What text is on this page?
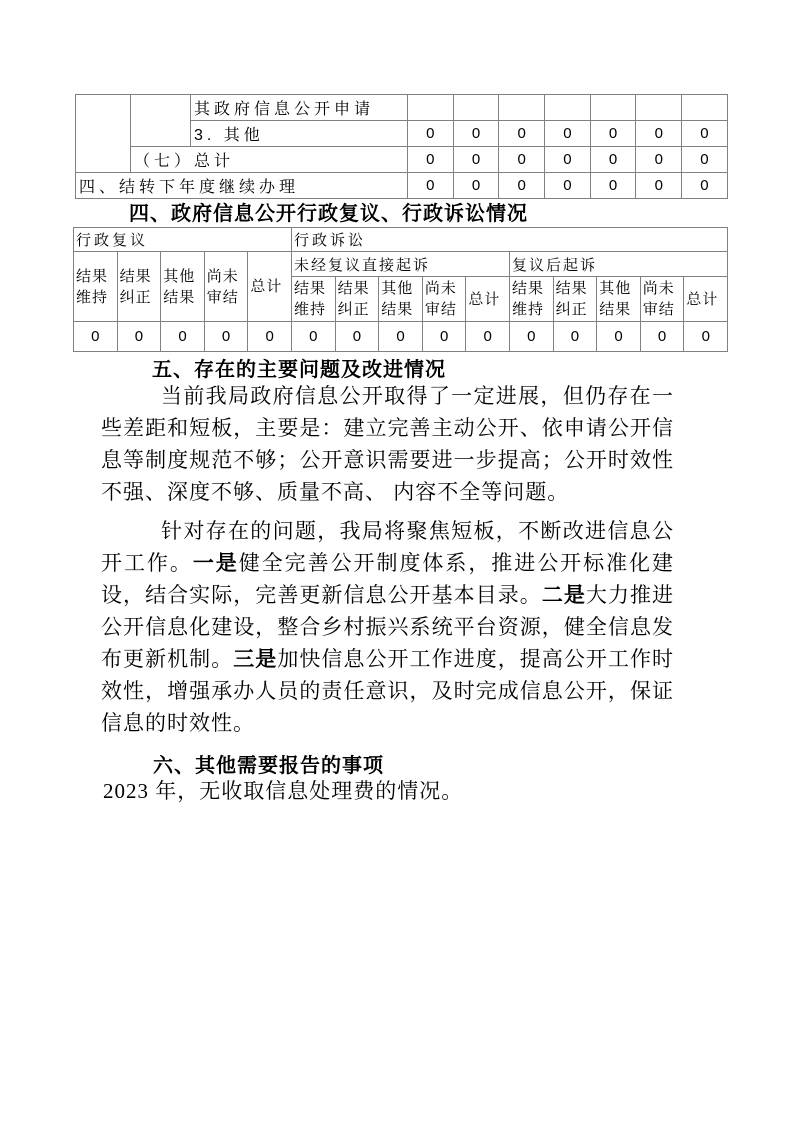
		其政府信息公开申请							
		3. 其他	0	0	0	0	0	0	0
	（七）总计		0	0	0	0	0	0	0
四、结转下年度继续办理			0	0	0	0	0	0	0
四、政府信息公开行政复议、行政诉讼情况
行政复议					行政诉讼									
结果维持	结果纠正	其他结果	尚未审结	总计	未经复议直接起诉					复议后起诉				
					结果维持	结果纠正	其他结果	尚未审结	总计	结果维持	结果纠正	其他结果	尚未审结	总计
0	0	0	0	0	0	0	0	0	0	0	0	0	0	0
五、存在的主要问题及改进情况

当前我局政府信息公开取得了一定进展，但仍存在一些差距和短板，主要是：建立完善主动公开、依申请公开信息等制度规范不够；公开意识需要进一步提高；公开时效性不强、深度不够、质量不高、 内容不全等问题。

针对存在的问题，我局将聚焦短板，不断改进信息公开工作。一是健全完善公开制度体系，推进公开标准化建设，结合实际，完善更新信息公开基本目录。二是大力推进公开信息化建设，整合乡村振兴系统平台资源，健全信息发布更新机制。三是加快信息公开工作进度，提高公开工作时效性，增强承办人员的责任意识，及时完成信息公开，保证信息的时效性。

六、其他需要报告的事项

2023 年，无收取信息处理费的情况。
